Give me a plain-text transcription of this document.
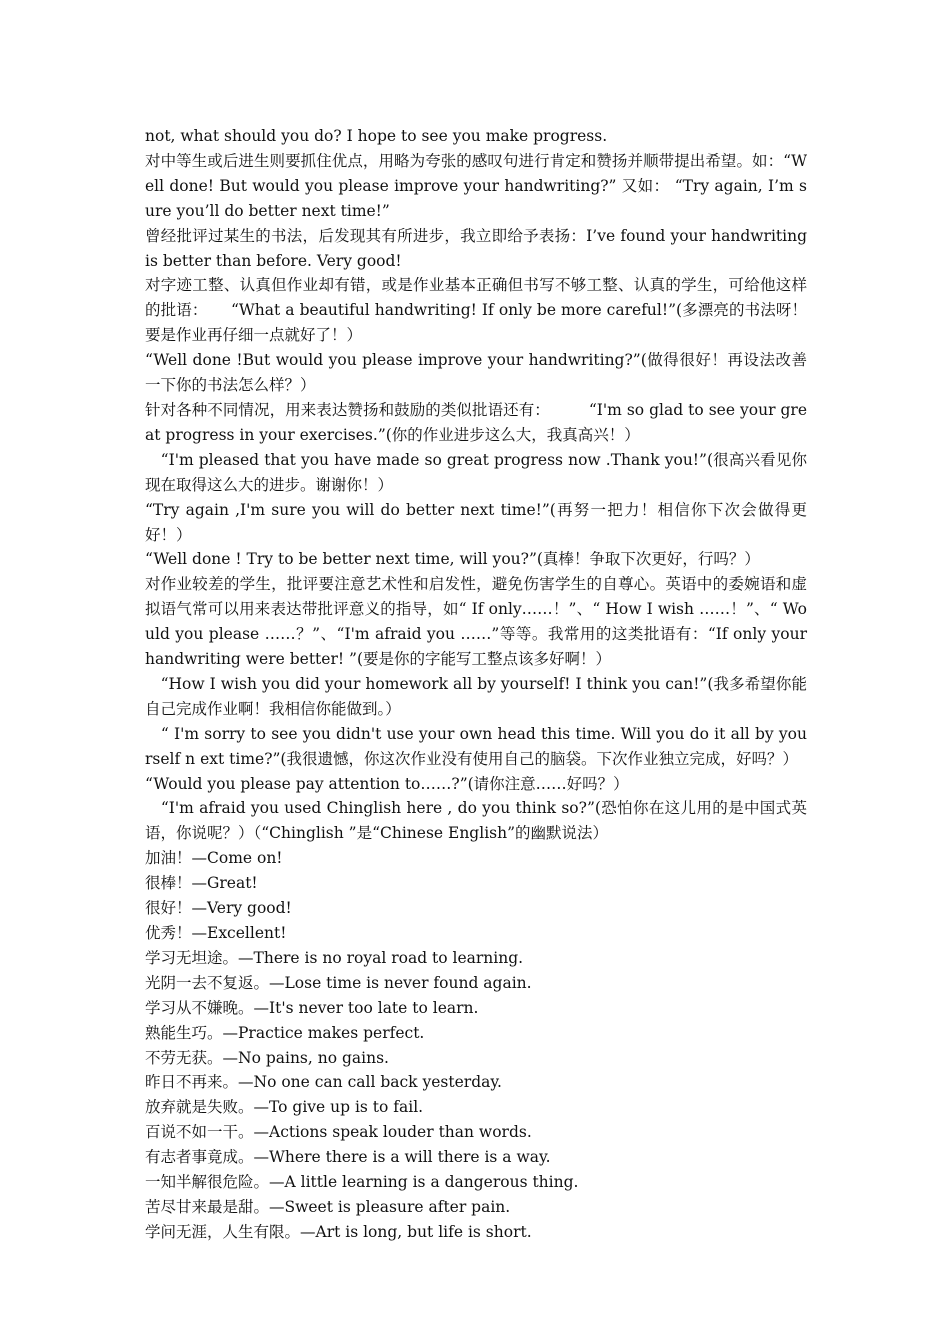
not, what should you do? I hope to see you make progress.

对中等生或后进生则要抓住优点，用略为夸张的感叹句进行肯定和赞扬并顺带提出希望。如：“Well done! But would you please improve your handwriting?” 又如： “Try again, I’m sure you’ll do better next time!”

曾经批评过某生的书法，后发现其有所进步，我立即给予表扬：I’ve found your handwriting is better than before. Very good!

对字迹工整、认真但作业却有错，或是作业基本正确但书写不够工整、认真的学生，可给他这样的批语：　　“What a beautiful handwriting! If only be more careful!”(多漂亮的书法呀！要是作业再仔细一点就好了！）

“Well done !But would you please improve your handwriting?”(做得很好！再设法改善一下你的书法怎么样？）

针对各种不同情况，用来表达赞扬和鼓励的类似批语还有：　　　“I'm so glad to see your great progress in your exercises.”(你的作业进步这么大，我真高兴！）

　“I'm pleased that you have made so great progress now .Thank you!”(很高兴看见你现在取得这么大的进步。谢谢你！）

“Try again ,I'm sure you will do better next time!”(再努一把力！相信你下次会做得更好！）

“Well done ! Try to be better next time, will you?”(真棒！争取下次更好，行吗？）

对作业较差的学生，批评要注意艺术性和启发性，避免伤害学生的自尊心。英语中的委婉语和虚拟语气常可以用来表达带批评意义的指导，如“ If only……！”、“ How I wish ……！”、“ Would you please ……？”、“I'm afraid you ……”等等。我常用的这类批语有：“If only your handwriting were better! ”(要是你的字能写工整点该多好啊！）

　“How I wish you did your homework all by yourself! I think you can!”(我多希望你能自己完成作业啊！我相信你能做到。）

　“ I'm sorry to see you didn't use your own head this time. Will you do it all by yourself n ext time?”(我很遗憾，你这次作业没有使用自己的脑袋。下次作业独立完成，好吗？）

“Would you please pay attention to……?”(请你注意……好吗？）

　“I'm afraid you used Chinglish here , do you think so?”(恐怕你在这儿用的是中国式英语，你说呢？）（“Chinglish ”是“Chinese English”的幽默说法）

加油！—Come on!

很棒！—Great!

很好！—Very good!

优秀！—Excellent!

学习无坦途。—There is no royal road to learning.

光阴一去不复返。—Lose time is never found again.

学习从不嫌晚。—It's never too late to learn.

熟能生巧。—Practice makes perfect.

不劳无获。—No pains, no gains.

昨日不再来。—No one can call back yesterday.

放弃就是失败。—To give up is to fail.

百说不如一干。—Actions speak louder than words.

有志者事竟成。—Where there is a will there is a way.

一知半解很危险。—A little learning is a dangerous thing.

苦尽甘来最是甜。—Sweet is pleasure after pain.

学问无涯，人生有限。—Art is long, but life is short.
